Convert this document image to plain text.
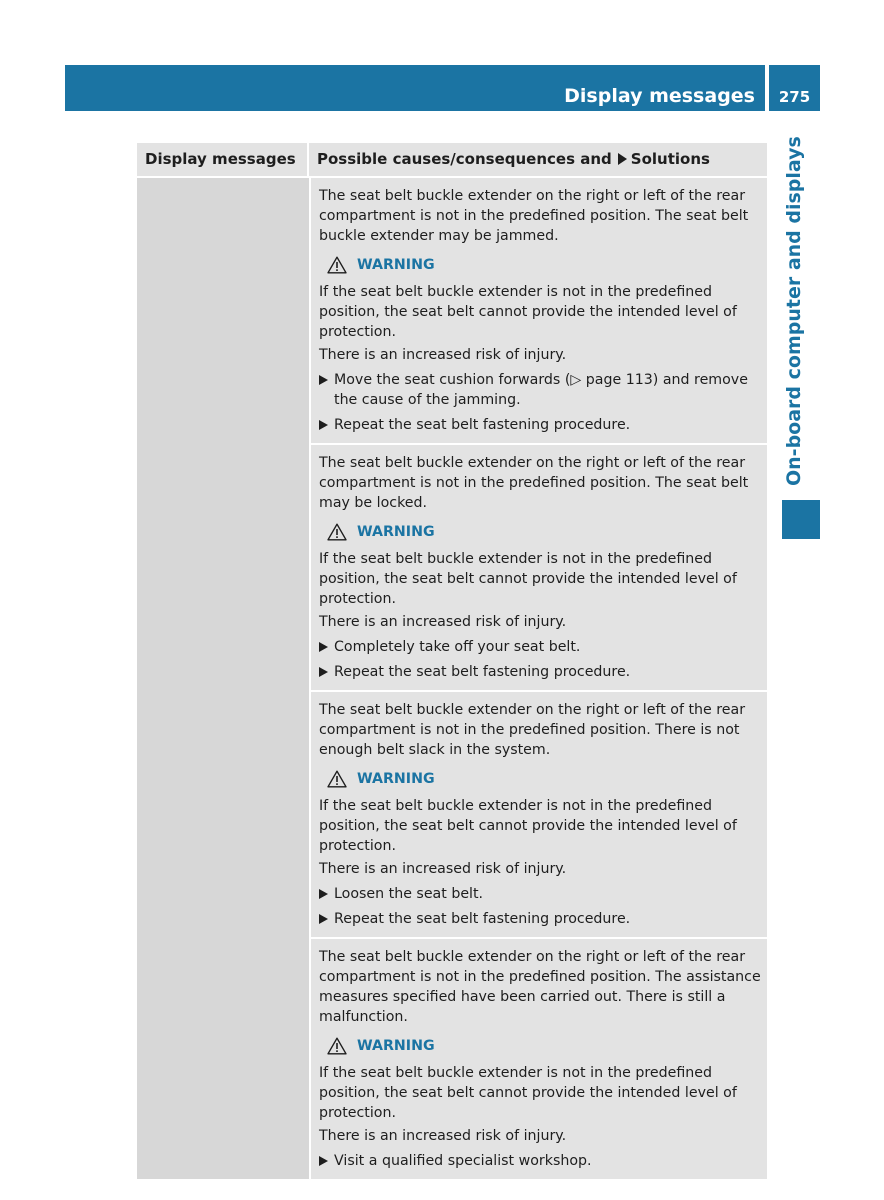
Display messages	275
On-board computer and displays
Display messages	Possible causes/consequences and Solutions

The seat belt buckle extender on the right or left of the rear compartment is not in the predefined position. The seat belt buckle extender may be jammed.

WARNING

If the seat belt buckle extender is not in the predefined position, the seat belt cannot provide the intended level of protection.

There is an increased risk of injury.

Move the seat cushion forwards (▷ page 113) and remove the cause of the jamming.
Repeat the seat belt fastening procedure.

The seat belt buckle extender on the right or left of the rear compartment is not in the predefined position. The seat belt may be locked.

WARNING

If the seat belt buckle extender is not in the predefined position, the seat belt cannot provide the intended level of protection.

There is an increased risk of injury.

Completely take off your seat belt.
Repeat the seat belt fastening procedure.

The seat belt buckle extender on the right or left of the rear compartment is not in the predefined position. There is not enough belt slack in the system.

WARNING

If the seat belt buckle extender is not in the predefined position, the seat belt cannot provide the intended level of protection.

There is an increased risk of injury.

Loosen the seat belt.
Repeat the seat belt fastening procedure.

The seat belt buckle extender on the right or left of the rear compartment is not in the predefined position. The assistance measures specified have been carried out. There is still a malfunction.

WARNING

If the seat belt buckle extender is not in the predefined position, the seat belt cannot provide the intended level of protection.

There is an increased risk of injury.

Visit a qualified specialist workshop.
